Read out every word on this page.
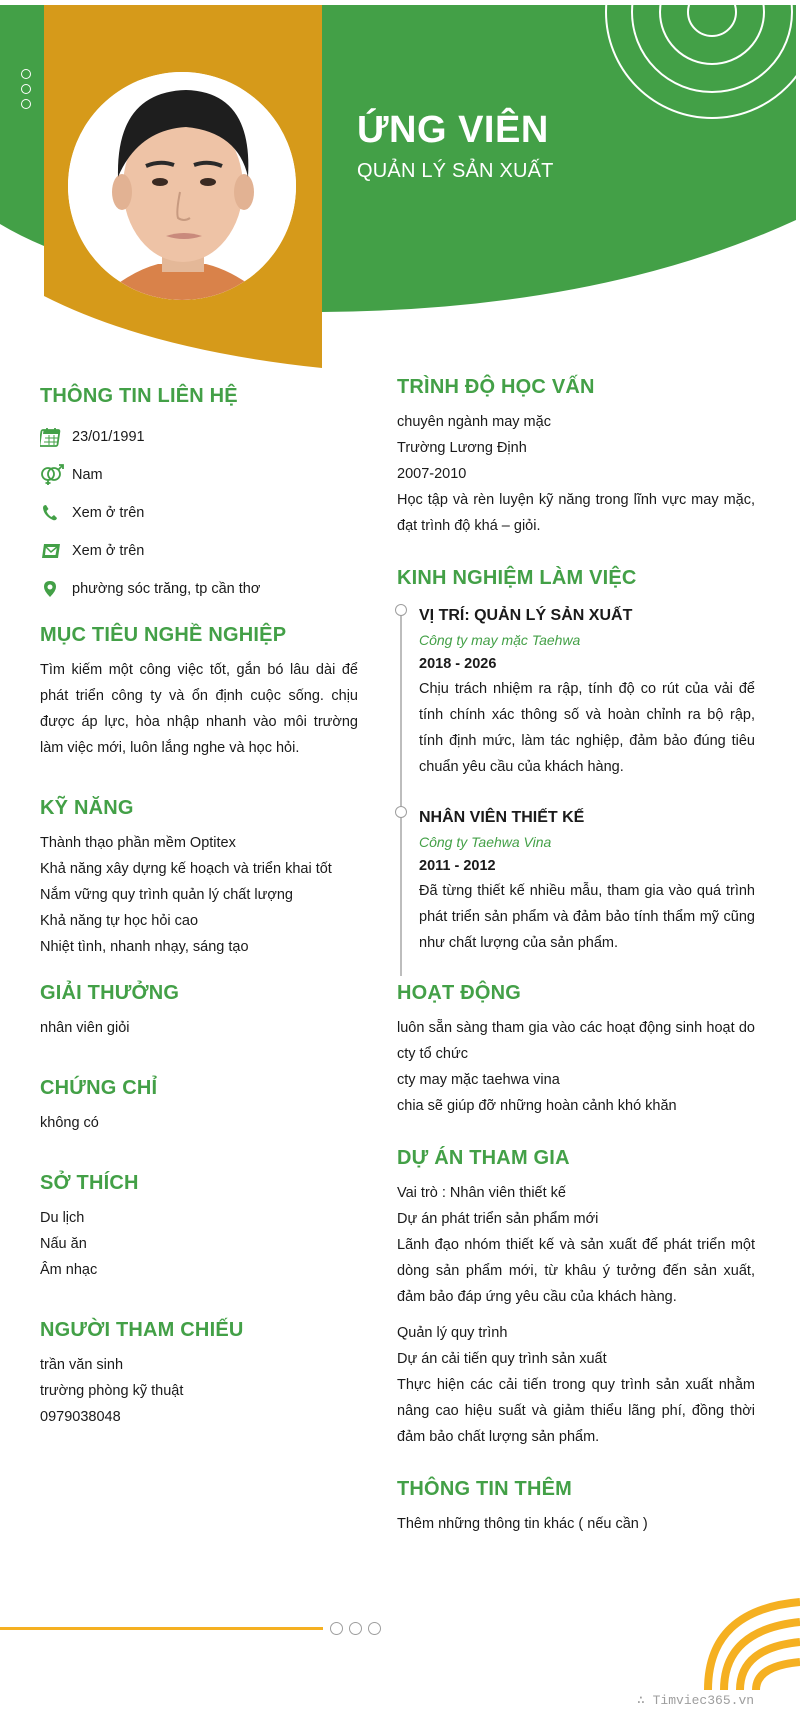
ỨNG VIÊN
QUẢN LÝ SẢN XUẤT
THÔNG TIN LIÊN HỆ
23/01/1991
Nam
Xem ở trên
Xem ở trên
phường sóc trăng, tp cần thơ
MỤC TIÊU NGHỀ NGHIỆP
Tìm kiếm một công việc tốt, gắn bó lâu dài để phát triển công ty và ổn định cuộc sống. chịu được áp lực, hòa nhập nhanh vào môi trường làm việc mới, luôn lắng nghe và học hỏi.
KỸ NĂNG
Thành thạo phần mềm Optitex
Khả năng xây dựng kế hoạch và triển khai tốt
Nắm vững quy trình quản lý chất lượng
Khả năng tự học hỏi cao
Nhiệt tình, nhanh nhạy, sáng tạo
GIẢI THƯỞNG
nhân viên giỏi
CHỨNG CHỈ
không có
SỞ THÍCH
Du lịch
Nấu ăn
Âm nhạc
NGƯỜI THAM CHIẾU
trần văn sinh
trường phòng kỹ thuật
0979038048
TRÌNH ĐỘ HỌC VẤN
chuyên ngành may mặc
Trường Lương Định
2007-2010
Học tập và rèn luyện kỹ năng trong lĩnh vực may mặc, đạt trình độ khá – giỏi.
KINH NGHIỆM LÀM VIỆC
VỊ TRÍ: QUẢN LÝ SẢN XUẤT
Công ty may mặc Taehwa
2018 - 2026
Chịu trách nhiệm ra rập, tính độ co rút của vải để tính chính xác thông số và hoàn chỉnh ra bộ rập, tính định mức, làm tác nghiệp, đảm bảo đúng tiêu chuẩn yêu cầu của khách hàng.
NHÂN VIÊN THIẾT KẾ
Công ty Taehwa Vina
2011 - 2012
Đã từng thiết kế nhiều mẫu, tham gia vào quá trình phát triển sản phẩm và đảm bảo tính thẩm mỹ cũng như chất lượng của sản phẩm.
HOẠT ĐỘNG
luôn sẵn sàng tham gia vào các hoạt động sinh hoạt do cty tổ chức
cty may mặc taehwa vina
chia sẽ giúp đỡ những hoàn cảnh khó khăn
DỰ ÁN THAM GIA
Vai trò : Nhân viên thiết kế
Dự án phát triển sản phẩm mới
Lãnh đạo nhóm thiết kế và sản xuất để phát triển một dòng sản phẩm mới, từ khâu ý tưởng đến sản xuất, đảm bảo đáp ứng yêu cầu của khách hàng.
Quản lý quy trình
Dự án cải tiến quy trình sản xuất
Thực hiện các cải tiến trong quy trình sản xuất nhằm nâng cao hiệu suất và giảm thiểu lãng phí, đồng thời đảm bảo chất lượng sản phẩm.
THÔNG TIN THÊM
Thêm những thông tin khác ( nếu cần )
∴ Timviec365.vn
